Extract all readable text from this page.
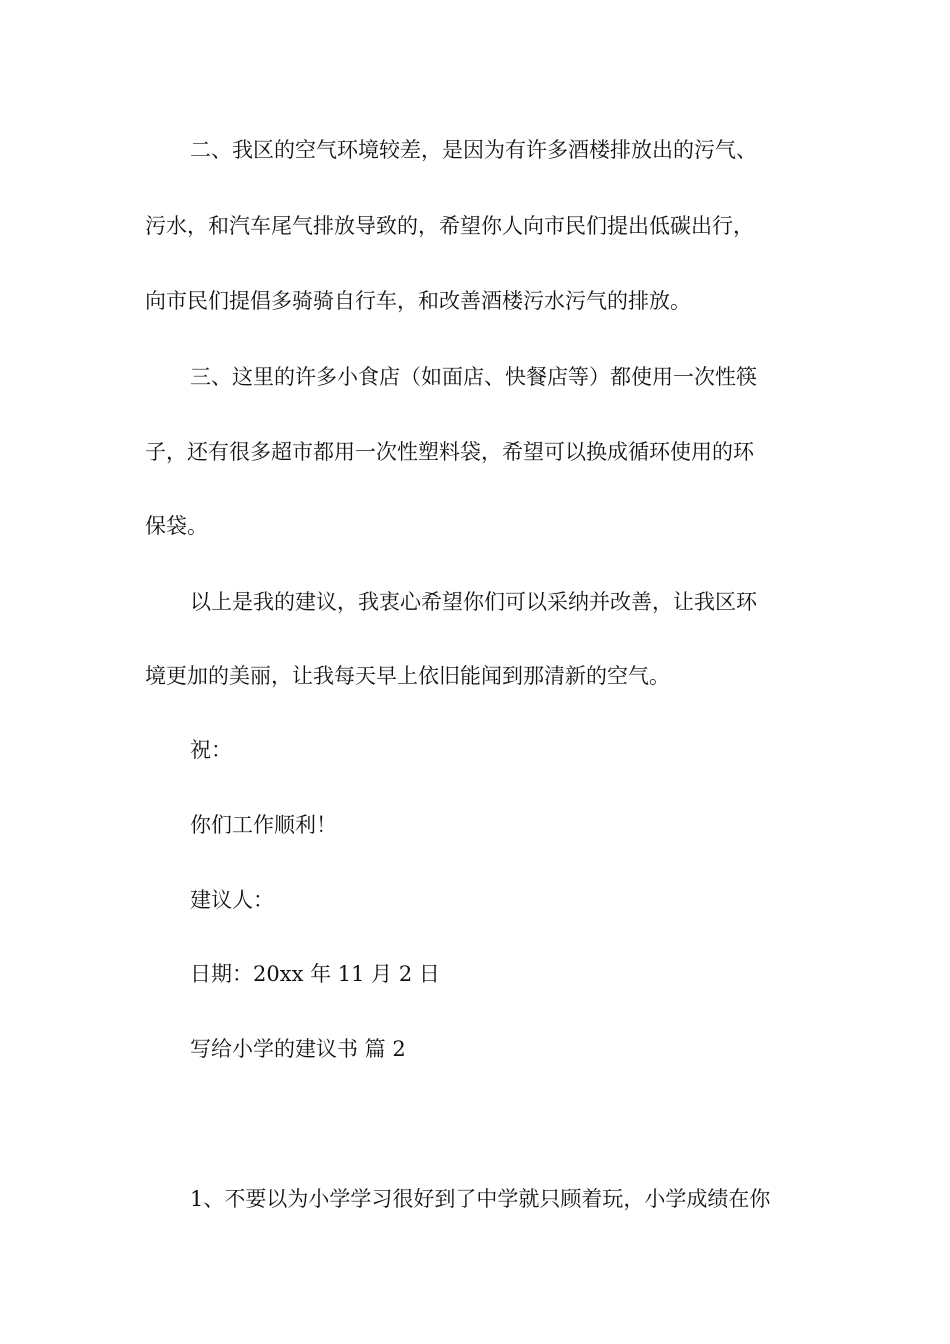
二、我区的空气环境较差，是因为有许多酒楼排放出的污气、
污水，和汽车尾气排放导致的，希望你人向市民们提出低碳出行，
向市民们提倡多骑骑自行车，和改善酒楼污水污气的排放。
三、这里的许多小食店（如面店、快餐店等）都使用一次性筷
子，还有很多超市都用一次性塑料袋，希望可以换成循环使用的环
保袋。
以上是我的建议，我衷心希望你们可以采纳并改善，让我区环
境更加的美丽，让我每天早上依旧能闻到那清新的空气。
祝：
你们工作顺利！
建议人：
日期：20xx 年 11 月 2 日
写给小学的建议书 篇 2
1、不要以为小学学习很好到了中学就只顾着玩，小学成绩在你
